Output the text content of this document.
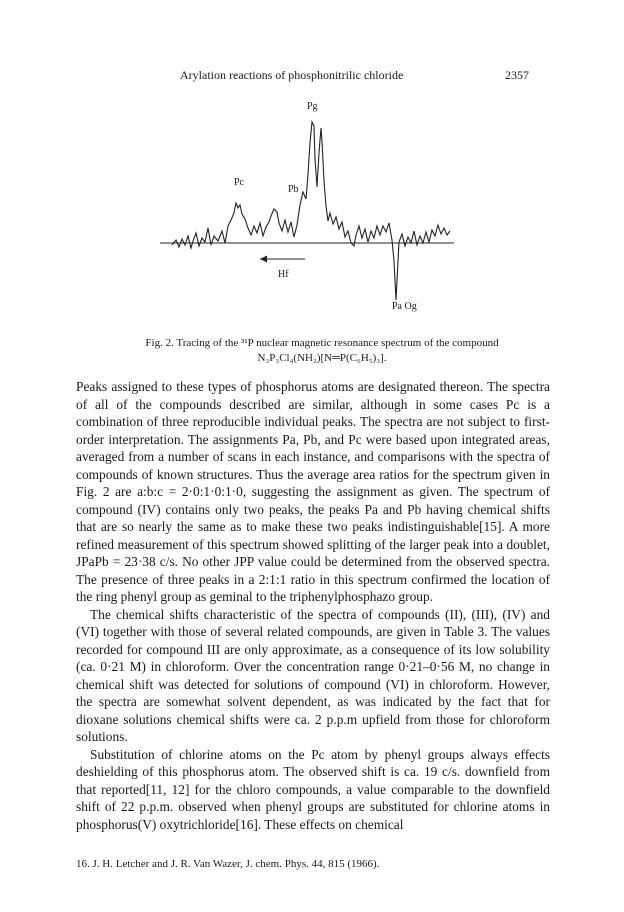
Arylation reactions of phosphonitrilic chloride	2357
Pg
Pc
Pb
Hf
Pa Og
Fig. 2. Tracing of the ³¹P nuclear magnetic resonance spectrum of the compound
N₃P₃Cl₄(NH₂)[N═P(C₆H₅)₃].

Peaks assigned to these types of phosphorus atoms are designated thereon. The spectra of all of the compounds described are similar, although in some cases Pc is a combination of three reproducible individual peaks. The spectra are not subject to first-order interpretation. The assignments Pa, Pb, and Pc were based upon integrated areas, averaged from a number of scans in each instance, and comparisons with the spectra of compounds of known structures. Thus the average area ratios for the spectrum given in Fig. 2 are a:b:c = 2·0:1·0:1·0, suggesting the assignment as given. The spectrum of compound (IV) contains only two peaks, the peaks Pa and Pb having chemical shifts that are so nearly the same as to make these two peaks indistinguishable[15]. A more refined measurement of this spectrum showed splitting of the larger peak into a doublet, JPaPb = 23·38 c/s. No other JPP value could be determined from the observed spectra. The presence of three peaks in a 2:1:1 ratio in this spectrum confirmed the location of the ring phenyl group as geminal to the triphenylphosphazo group.

The chemical shifts characteristic of the spectra of compounds (II), (III), (IV) and (VI) together with those of several related compounds, are given in Table 3. The values recorded for compound III are only approximate, as a consequence of its low solubility (ca. 0·21 M) in chloroform. Over the concentration range 0·21–0·56 M, no change in chemical shift was detected for solutions of compound (VI) in chloroform. However, the spectra are somewhat solvent dependent, as was indicated by the fact that for dioxane solutions chemical shifts were ca. 2 p.p.m upfield from those for chloroform solutions.

Substitution of chlorine atoms on the Pc atom by phenyl groups always effects deshielding of this phosphorus atom. The observed shift is ca. 19 c/s. downfield from that reported[11, 12] for the chloro compounds, a value comparable to the downfield shift of 22 p.p.m. observed when phenyl groups are substituted for chlorine atoms in phosphorus(V) oxytrichloride[16]. These effects on chemical

16. J. H. Letcher and J. R. Van Wazer, J. chem. Phys. 44, 815 (1966).
